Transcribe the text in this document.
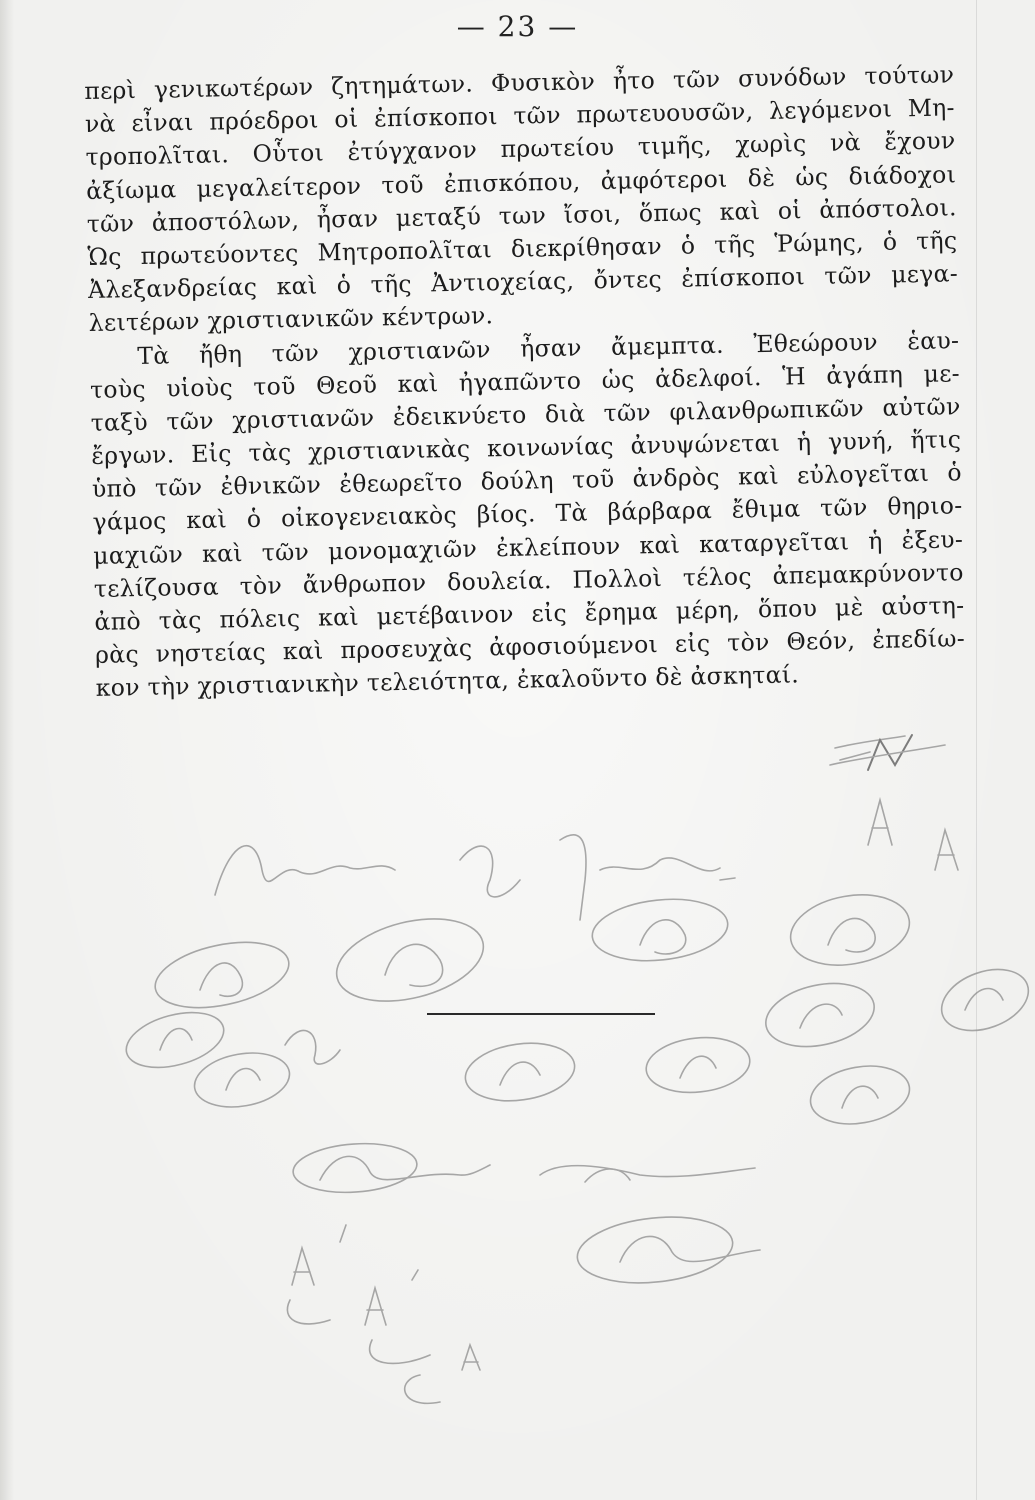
— 23 —
περὶ γενικωτέρων ζητημάτων. Φυσικὸν ἦτο τῶν συνόδων τούτων
νὰ εἶναι πρόεδροι οἱ ἐπίσκοποι τῶν πρωτευουσῶν, λεγόμενοι Μη-
τροπολῖται. Οὗτοι ἐτύγχανον πρωτείου τιμῆς, χωρὶς νὰ ἔχουν
ἀξίωμα μεγαλείτερον τοῦ ἐπισκόπου, ἀμφότεροι δὲ ὡς διάδοχοι
τῶν ἀποστόλων, ἦσαν μεταξύ των ἴσοι, ὅπως καὶ οἱ ἀπόστολοι.
Ὡς πρωτεύοντες Μητροπολῖται διεκρίθησαν ὁ τῆς Ῥώμης, ὁ τῆς
Ἀλεξανδρείας καὶ ὁ τῆς Ἀντιοχείας, ὄντες ἐπίσκοποι τῶν μεγα-
λειτέρων χριστιανικῶν κέντρων.
Τὰ ἤθη τῶν χριστιανῶν ἦσαν ἄμεμπτα. Ἐθεώρουν ἑαυ-
τοὺς υἱοὺς τοῦ Θεοῦ καὶ ἠγαπῶντο ὡς ἀδελφοί. Ἡ ἀγάπη με-
ταξὺ τῶν χριστιανῶν ἐδεικνύετο διὰ τῶν φιλανθρωπικῶν αὐτῶν
ἔργων. Εἰς τὰς χριστιανικὰς κοινωνίας ἀνυψώνεται ἡ γυνή, ἥτις
ὑπὸ τῶν ἐθνικῶν ἐθεωρεῖτο δούλη τοῦ ἀνδρὸς καὶ εὐλογεῖται ὁ
γάμος καὶ ὁ οἰκογενειακὸς βίος. Τὰ βάρβαρα ἔθιμα τῶν θηριο-
μαχιῶν καὶ τῶν μονομαχιῶν ἐκλείπουν καὶ καταργεῖται ἡ ἐξευ-
τελίζουσα τὸν ἄνθρωπον δουλεία. Πολλοὶ τέλος ἀπεμακρύνοντο
ἀπὸ τὰς πόλεις καὶ μετέβαινον εἰς ἔρημα μέρη, ὅπου μὲ αὐστη-
ρὰς νηστείας καὶ προσευχὰς ἀφοσιούμενοι εἰς τὸν Θεόν, ἐπεδίω-
κον τὴν χριστιανικὴν τελειότητα, ἐκαλοῦντο δὲ ἀσκηταί.
